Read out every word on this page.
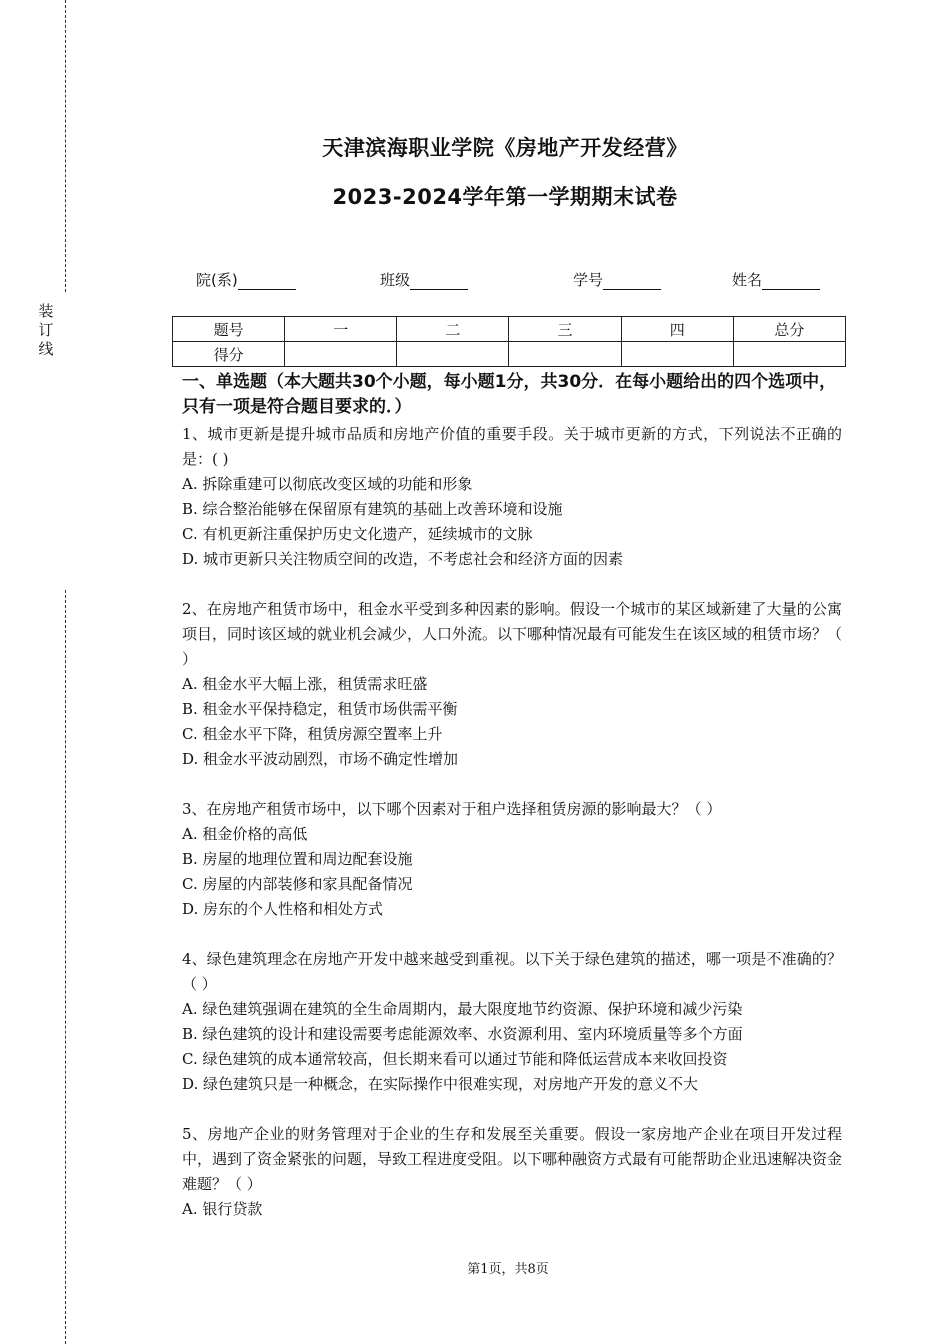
装
订
线
天津滨海职业学院《房地产开发经营》
2023-2024学年第一学期期末试卷
院(系)	班级	学号	姓名
题号	一	二	三	四	总分
得分					
一、单选题（本大题共30个小题，每小题1分，共30分．在每小题给出的四个选项中，只有一项是符合题目要求的．）

1、城市更新是提升城市品质和房地产价值的重要手段。关于城市更新的方式，下列说法不正确的是：( )

A. 拆除重建可以彻底改变区域的功能和形象

B. 综合整治能够在保留原有建筑的基础上改善环境和设施

C. 有机更新注重保护历史文化遗产，延续城市的文脉

D. 城市更新只关注物质空间的改造，不考虑社会和经济方面的因素

2、在房地产租赁市场中，租金水平受到多种因素的影响。假设一个城市的某区域新建了大量的公寓项目，同时该区域的就业机会减少，人口外流。以下哪种情况最有可能发生在该区域的租赁市场？（ ）

A. 租金水平大幅上涨，租赁需求旺盛

B. 租金水平保持稳定，租赁市场供需平衡

C. 租金水平下降，租赁房源空置率上升

D. 租金水平波动剧烈，市场不确定性增加

3、在房地产租赁市场中，以下哪个因素对于租户选择租赁房源的影响最大？（ ）

A. 租金价格的高低

B. 房屋的地理位置和周边配套设施

C. 房屋的内部装修和家具配备情况

D. 房东的个人性格和相处方式

4、绿色建筑理念在房地产开发中越来越受到重视。以下关于绿色建筑的描述，哪一项是不准确的？（ ）

A. 绿色建筑强调在建筑的全生命周期内，最大限度地节约资源、保护环境和减少污染

B. 绿色建筑的设计和建设需要考虑能源效率、水资源利用、室内环境质量等多个方面

C. 绿色建筑的成本通常较高，但长期来看可以通过节能和降低运营成本来收回投资

D. 绿色建筑只是一种概念，在实际操作中很难实现，对房地产开发的意义不大

5、房地产企业的财务管理对于企业的生存和发展至关重要。假设一家房地产企业在项目开发过程中，遇到了资金紧张的问题，导致工程进度受阻。以下哪种融资方式最有可能帮助企业迅速解决资金难题？（ ）

A. 银行贷款

第1页，共8页
